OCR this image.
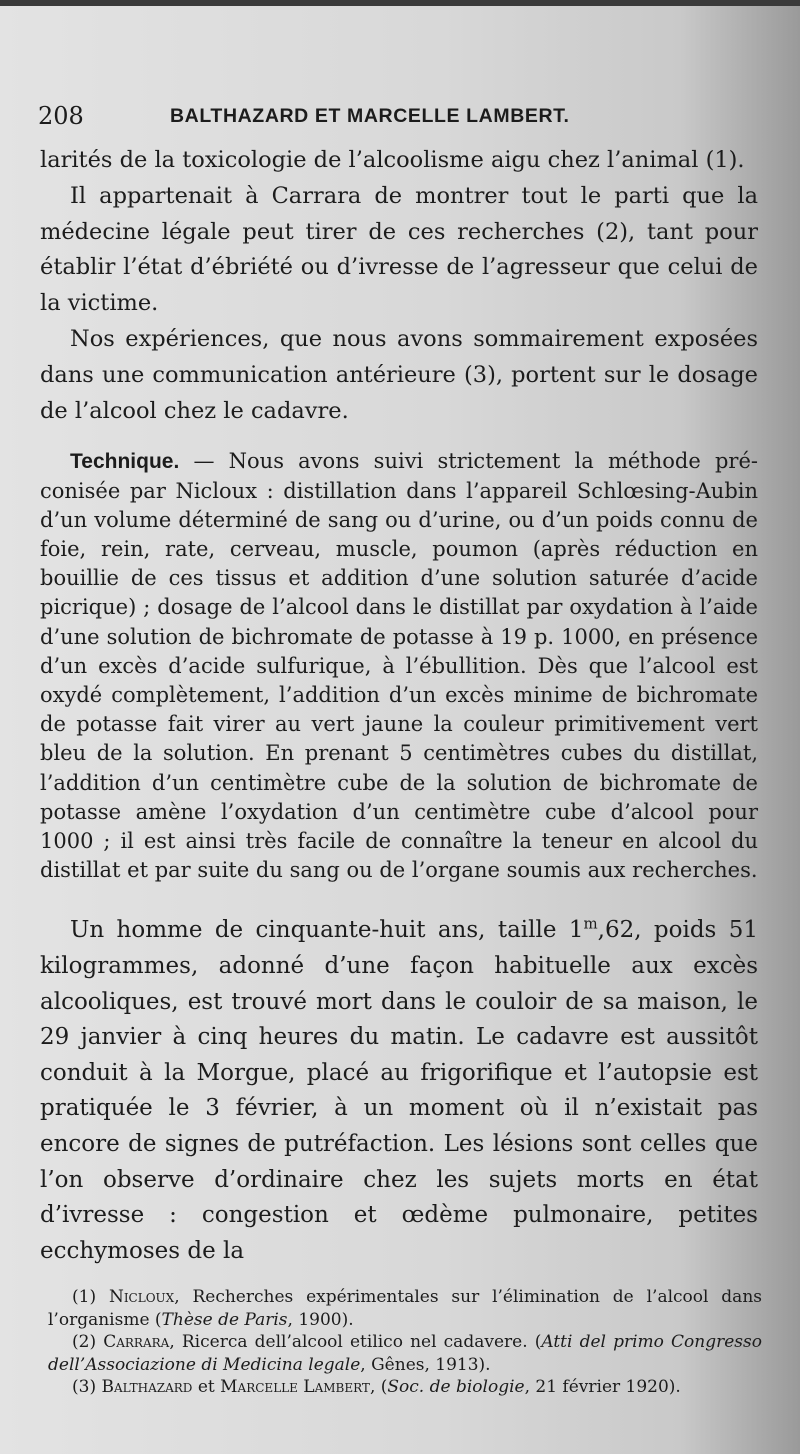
208	BALTHAZARD ET MARCELLE LAMBERT.

larités de la toxicologie de l’alcoolisme aigu chez l’animal (1).

Il appartenait à Carrara de montrer tout le parti que la médecine légale peut tirer de ces recherches (2), tant pour établir l’état d’ébriété ou d’ivresse de l’agresseur que celui de la victime.

Nos expériences, que nous avons sommairement exposées dans une communication antérieure (3), portent sur le dosage de l’alcool chez le cadavre.

Technique. — Nous avons suivi strictement la méthode préconisée par Nicloux : distillation dans l’appareil Schlœsing-Aubin d’un volume déterminé de sang ou d’urine, ou d’un poids connu de foie, rein, rate, cerveau, muscle, poumon (après réduction en bouillie de ces tissus et addition d’une solution saturée d’acide picrique) ; dosage de l’alcool dans le distillat par oxydation à l’aide d’une solution de bichromate de potasse à 19 p. 1000, en présence d’un excès d’acide sulfurique, à l’ébullition. Dès que l’alcool est oxydé complètement, l’addition d’un excès minime de bichromate de potasse fait virer au vert jaune la couleur primitivement vert bleu de la solution. En prenant 5 centimètres cubes du distillat, l’addition d’un centimètre cube de la solution de bichromate de potasse amène l’oxydation d’un centimètre cube d’alcool pour 1000 ; il est ainsi très facile de connaître la teneur en alcool du distillat et par suite du sang ou de l’organe soumis aux recherches.

Un homme de cinquante-huit ans, taille 1$^m$,62, poids 51 kilogrammes, adonné d’une façon habituelle aux excès alcooliques, est trouvé mort dans le couloir de sa maison, le 29 janvier à cinq heures du matin. Le cadavre est aussitôt conduit à la Morgue, placé au frigorifique et l’autopsie est pratiquée le 3 février, à un moment où il n’existait pas encore de signes de putréfaction. Les lésions sont celles que l’on observe d’ordinaire chez les sujets morts en état d’ivresse : congestion et œdème pulmonaire, petites ecchymoses de la

(1) Nicloux, Recherches expérimentales sur l’élimination de l’alcool dans l’organisme (Thèse de Paris, 1900).

(2) Carrara, Ricerca dell’alcool etilico nel cadavere. (Atti del primo Congresso dell’Associazione di Medicina legale, Gênes, 1913).

(3) Balthazard et Marcelle Lambert, (Soc. de biologie, 21 février 1920).
